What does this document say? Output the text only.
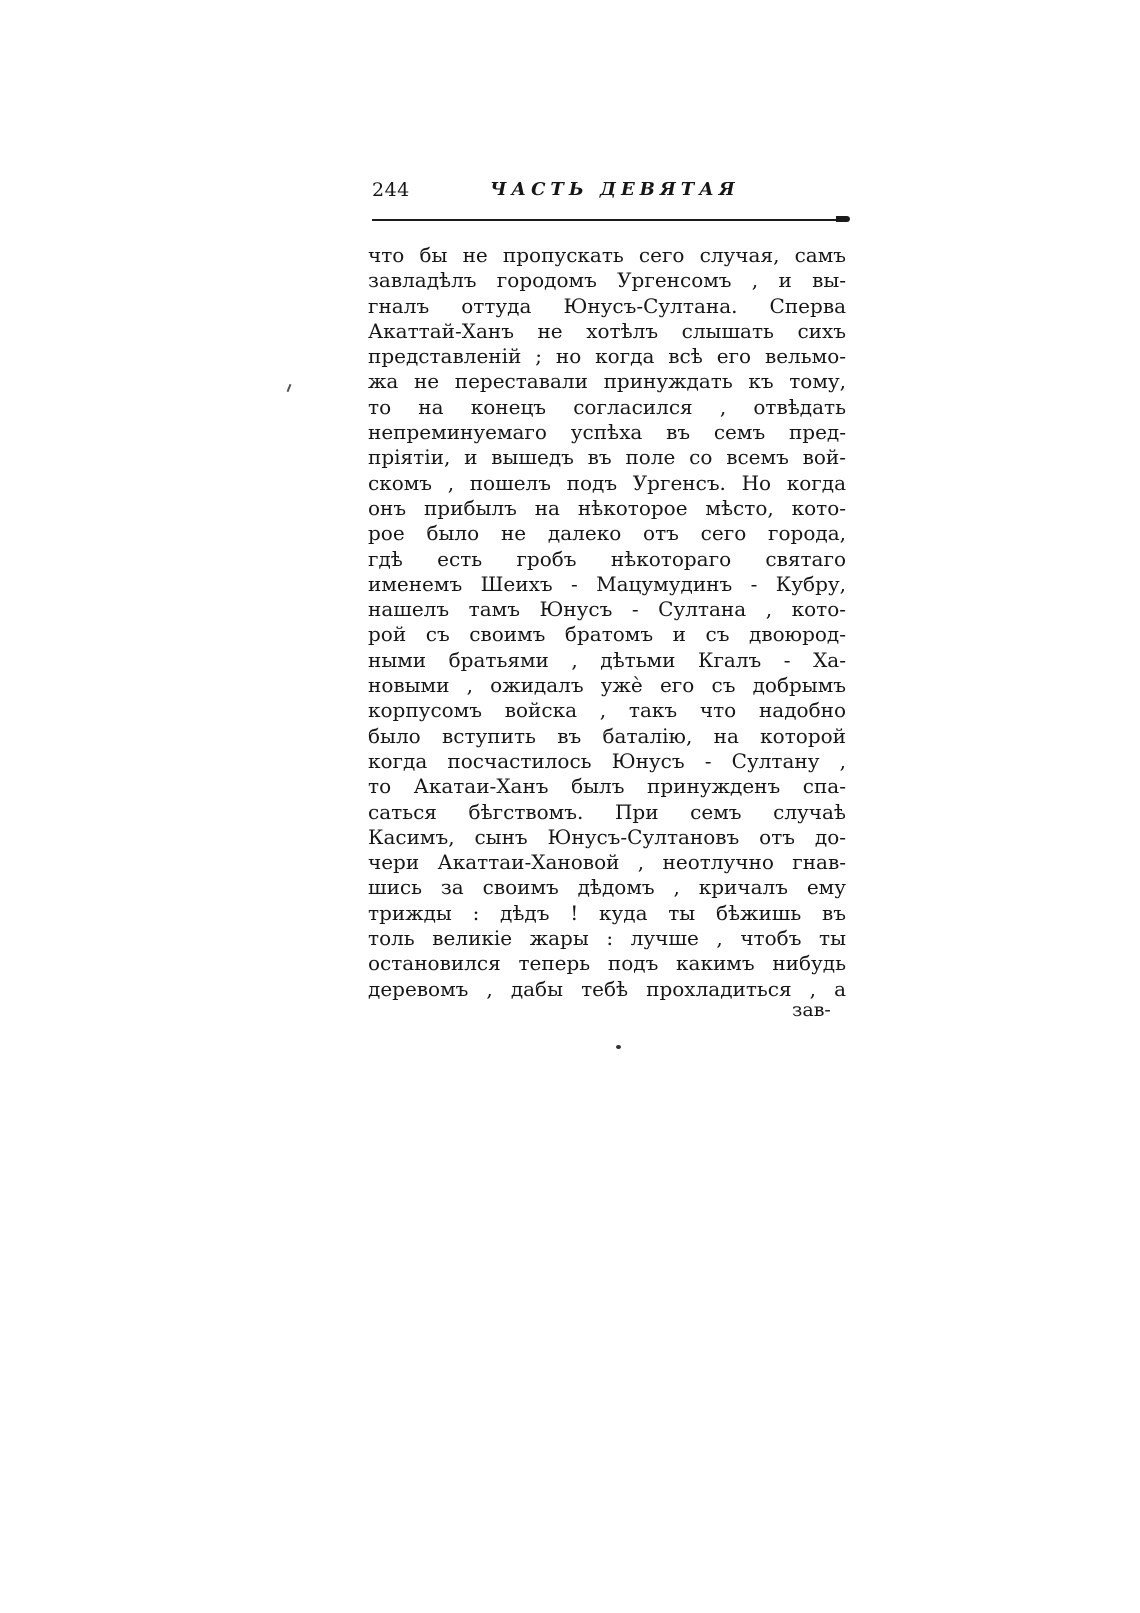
244	ЧАСТЬ ДЕВЯТАЯ
что бы не пропускать сего случая, самъ
завладѣлъ городомъ Ургенсомъ , и вы-
гналъ оттуда Юнусъ-Султана. Сперва
Акаттай-Ханъ не хотѣлъ слышать сихъ
представленій ; но когда всѣ его вельмо-
жа не переставали принуждать къ тому,
то на конецъ согласился , отвѣдать
непреминуемаго успѣха въ семъ пред-
пріятіи, и вышедъ въ поле со всемъ вой-
скомъ , пошелъ подъ Ургенсъ. Но когда
онъ прибылъ на нѣкоторое мѣсто, кото-
рое было не далеко отъ сего города,
гдѣ есть гробъ нѣкотораго святаго
именемъ Шеихъ - Мацумудинъ - Кубру,
нашелъ тамъ Юнусъ - Султана , кото-
рой съ своимъ братомъ и съ двоюрод-
ными братьями , дѣтьми Кгалъ - Ха-
новыми , ожидалъ ужѐ его съ добрымъ
корпусомъ войска , такъ что надобно
было вступить въ баталію, на которой
когда посчастилось Юнусъ - Султану ,
то Акатаи-Ханъ былъ принужденъ спа-
саться бѣгствомъ. При семъ случаѣ
Касимъ, сынъ Юнусъ-Султановъ отъ до-
чери Акаттаи-Хановой , неотлучно гнав-
шись за своимъ дѣдомъ , кричалъ ему
трижды : дѣдъ ! куда ты бѣжишь въ
толь великіе жары : лучше , чтобъ ты
остановился теперь подъ какимъ нибудь
деревомъ , дабы тебѣ прохладиться , а
зав-
